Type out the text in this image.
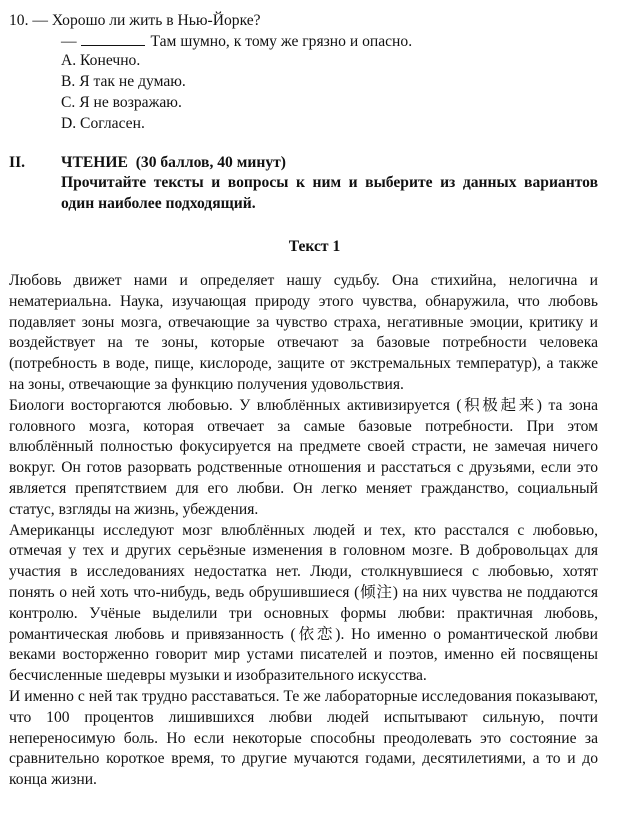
10. — Хорошо ли жить в Нью-Йорке?
—	Там шумно, к тому же грязно и опасно.
A. Конечно.
B. Я так не думаю.
C. Я не возражаю.
D. Согласен.
II. ЧТЕНИЕ  (30 баллов, 40 минут)
Прочитайте тексты и вопросы к ним и выберите из данных вариантов
один наиболее подходящий.
Текст 1

Любовь движет нами и определяет нашу судьбу. Она стихийна, нелогична и нематериальна. Наука, изучающая природу этого чувства, обнаружила, что любовь подавляет зоны мозга, отвечающие за чувство страха, негативные эмоции, критику и воздействует на те зоны, которые отвечают за базовые потребности человека (потребность в воде, пище, кислороде, защите от экстремальных температур), а также на зоны, отвечающие за функцию получения удовольствия.

Биологи восторгаются любовью. У влюблённых активизируется (积极起来) та зона головного мозга, которая отвечает за самые базовые потребности. При этом влюблённый полностью фокусируется на предмете своей страсти, не замечая ничего вокруг. Он готов разорвать родственные отношения и расстаться с друзьями, если это является препятствием для его любви. Он легко меняет гражданство, социальный статус, взгляды на жизнь, убеждения.

Американцы исследуют мозг влюблённых людей и тех, кто расстался с любовью, отмечая у тех и других серьёзные изменения в головном мозге. В добровольцах для участия в исследованиях недостатка нет. Люди, столкнувшиеся с любовью, хотят понять о ней хоть что-нибудь, ведь обрушившиеся (倾注) на них чувства не поддаются контролю. Учёные выделили три основных формы любви: практичная любовь, романтическая любовь и привязанность (依恋). Но именно о романтической любви веками восторженно говорит мир устами писателей и поэтов, именно ей посвящены бесчисленные шедевры музыки и изобразительного искусства.

И именно с ней так трудно расставаться. Те же лабораторные исследования показывают, что 100 процентов лишившихся любви людей испытывают сильную, почти непереносимую боль. Но если некоторые способны преодолевать это состояние за сравнительно короткое время, то другие мучаются годами, десятилетиями, а то и до конца жизни.
